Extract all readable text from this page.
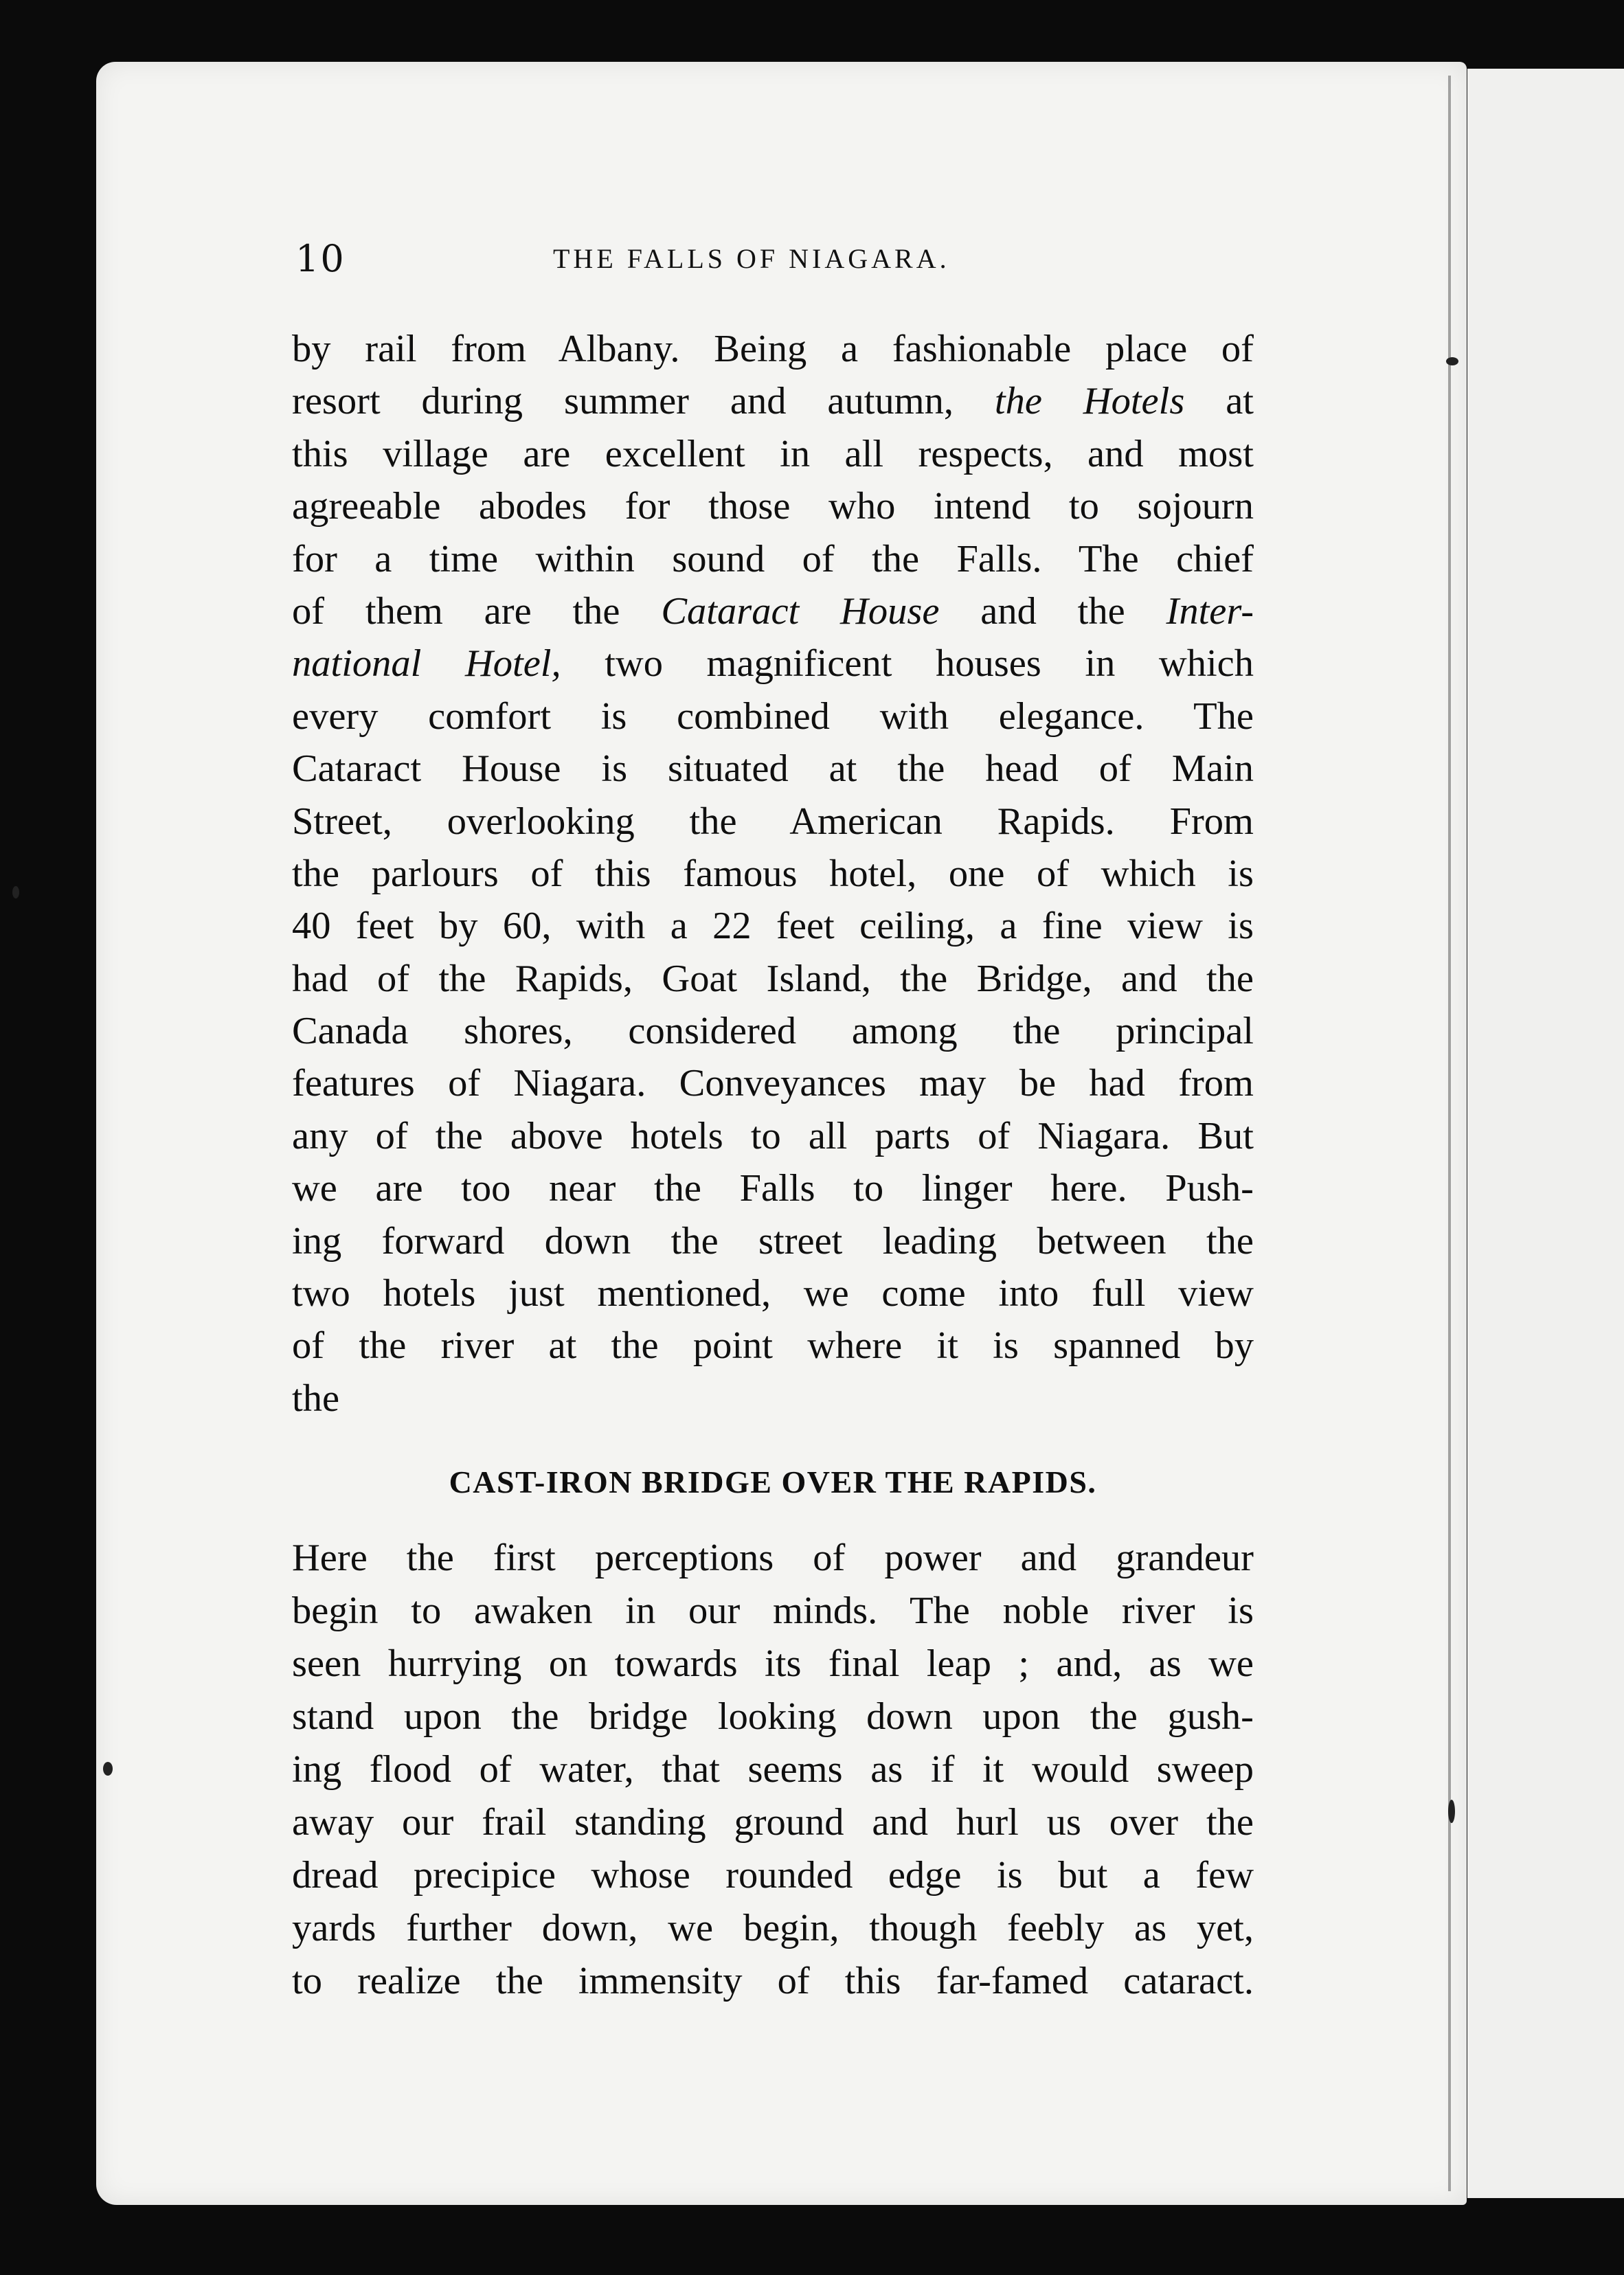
10	THE FALLS OF NIAGARA.
by rail from Albany. Being a fashionable place of
resort during summer and autumn, the Hotels at
this village are excellent in all respects, and most
agreeable abodes for those who intend to sojourn
for a time within sound of the Falls. The chief
of them are the Cataract House and the Inter-
national Hotel, two magnificent houses in which
every comfort is combined with elegance. The
Cataract House is situated at the head of Main
Street, overlooking the American Rapids. From
the parlours of this famous hotel, one of which is
40 feet by 60, with a 22 feet ceiling, a fine view is
had of the Rapids, Goat Island, the Bridge, and the
Canada shores, considered among the principal
features of Niagara. Conveyances may be had from
any of the above hotels to all parts of Niagara. But
we are too near the Falls to linger here. Push-
ing forward down the street leading between the
two hotels just mentioned, we come into full view
of the river at the point where it is spanned by
the
CAST-IRON BRIDGE OVER THE RAPIDS.
Here the first perceptions of power and grandeur
begin to awaken in our minds. The noble river is
seen hurrying on towards its final leap ; and, as we
stand upon the bridge looking down upon the gush-
ing flood of water, that seems as if it would sweep
away our frail standing ground and hurl us over the
dread precipice whose rounded edge is but a few
yards further down, we begin, though feebly as yet,
to realize the immensity of this far-famed cataract.
